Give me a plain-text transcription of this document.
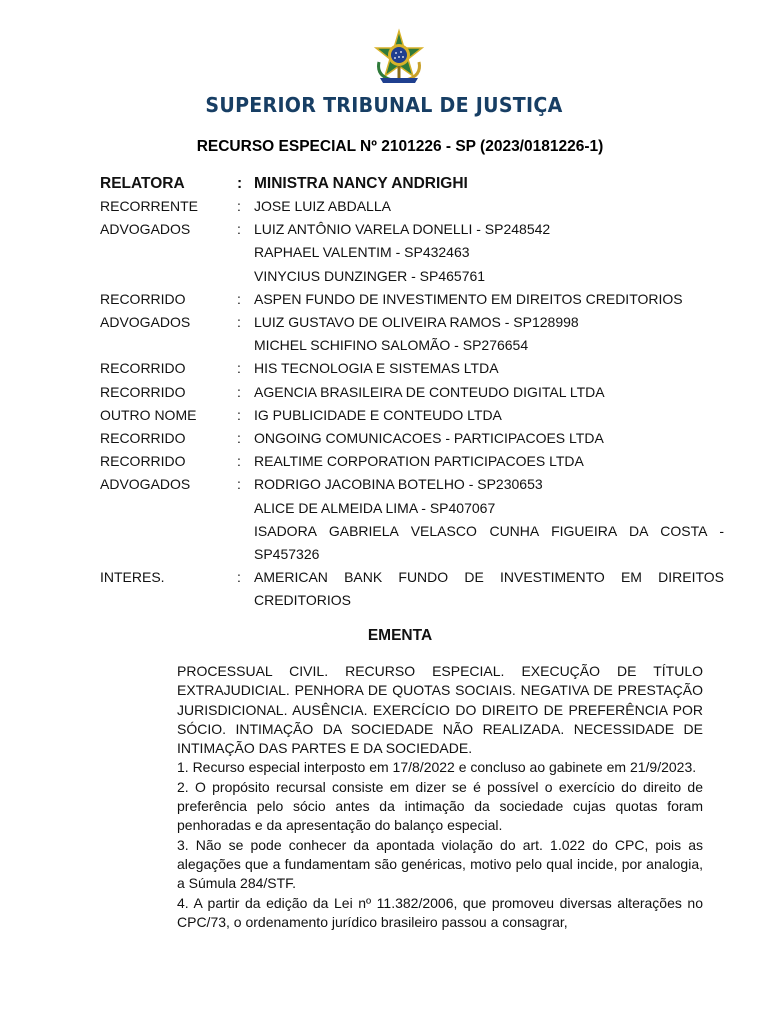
SUPERIOR TRIBUNAL DE JUSTIÇA
RECURSO ESPECIAL Nº 2101226 - SP (2023/0181226-1)
RELATORA	: MINISTRA NANCY ANDRIGHI
RECORRENTE	: JOSE LUIZ ABDALLA
ADVOGADOS	: LUIZ ANTÔNIO VARELA DONELLI - SP248542
RAPHAEL VALENTIM - SP432463
VINYCIUS DUNZINGER - SP465761
RECORRIDO	: ASPEN FUNDO DE INVESTIMENTO EM DIREITOS CREDITORIOS
ADVOGADOS	: LUIZ GUSTAVO DE OLIVEIRA RAMOS - SP128998
MICHEL SCHIFINO SALOMÃO - SP276654
RECORRIDO	: HIS TECNOLOGIA E SISTEMAS LTDA
RECORRIDO	: AGENCIA BRASILEIRA DE CONTEUDO DIGITAL LTDA
OUTRO NOME	: IG PUBLICIDADE E CONTEUDO LTDA
RECORRIDO	: ONGOING COMUNICACOES - PARTICIPACOES LTDA
RECORRIDO	: REALTIME CORPORATION PARTICIPACOES LTDA
ADVOGADOS	: RODRIGO JACOBINA BOTELHO - SP230653
ALICE DE ALMEIDA LIMA - SP407067
ISADORA GABRIELA VELASCO CUNHA FIGUEIRA DA COSTA - SP457326
INTERES.	: AMERICAN BANK FUNDO DE INVESTIMENTO EM DIREITOS CREDITORIOS
EMENTA

PROCESSUAL CIVIL. RECURSO ESPECIAL. EXECUÇÃO DE TÍTULO EXTRAJUDICIAL. PENHORA DE QUOTAS SOCIAIS. NEGATIVA DE PRESTAÇÃO JURISDICIONAL. AUSÊNCIA. EXERCÍCIO DO DIREITO DE PREFERÊNCIA POR SÓCIO. INTIMAÇÃO DA SOCIEDADE NÃO REALIZADA. NECESSIDADE DE INTIMAÇÃO DAS PARTES E DA SOCIEDADE.

1. Recurso especial interposto em 17/8/2022 e concluso ao gabinete em 21/9/2023.

2. O propósito recursal consiste em dizer se é possível o exercício do direito de preferência pelo sócio antes da intimação da sociedade cujas quotas foram penhoradas e da apresentação do balanço especial.

3. Não se pode conhecer da apontada violação do art. 1.022 do CPC, pois as alegações que a fundamentam são genéricas, motivo pelo qual incide, por analogia, a Súmula 284/STF.

4. A partir da edição da Lei nº 11.382/2006, que promoveu diversas alterações no CPC/73, o ordenamento jurídico brasileiro passou a consagrar,
